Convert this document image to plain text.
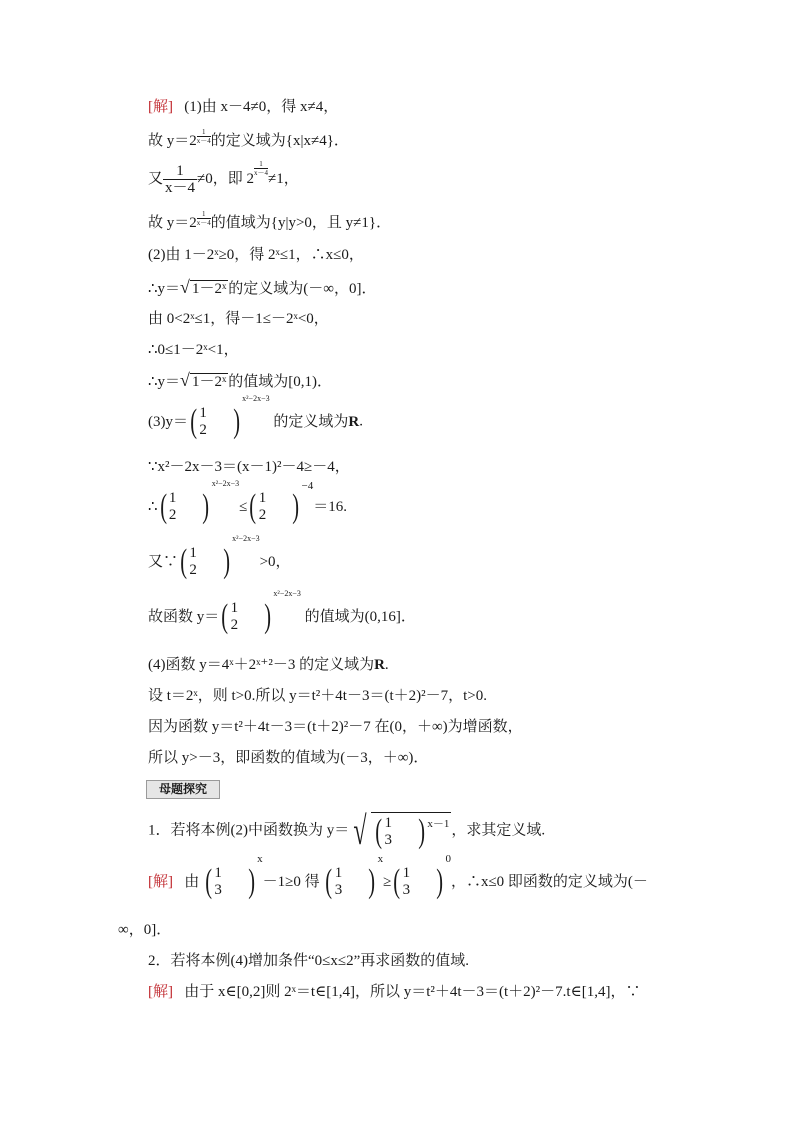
[解] (1)由 x－4≠0，得 x≠4，
故 $y=2 \frac{1}{x-4}$ 的定义域为{x|x≠4}．
又 $\frac{1}{x-4} \ne 0$，即 2
$\frac{1}{x-4}$
≠1，
故 $y=2 \frac{1}{x-4}$ 的值域为{y|y>0，且 y≠1}．
(2)由 1－2ˣ≥0，得 2ˣ≤1，∴x≤0，
∴y＝√ 1－2ˣ 的定义域为(－∞，0]．
由 0<2ˣ≤1，得－1≤－2ˣ<0，
∴0≤1－2ˣ<1，
∴y＝√ 1－2ˣ 的值域为[0,1)．
(3)y＝( 1
2 )$^{x^2-2x-3}$ 的定义域为R.
∵x²－2x－3＝(x－1)²－4≥－4，
∴( 1
2 )$^{x^2-2x-3}$≤( 1
2 )$^{-4}$＝16.
又∵( 1
2 )$^{x^2-2x-3}$>0，
故函数 y＝( 1
2 )$^{x^2-2x-3}$ 的值域为(0,16]．
(4)函数 y＝4ˣ＋2ˣ⁺²－3 的定义域为R.
设 t＝2ˣ，则 t>0.所以 y＝t²＋4t－3＝(t＋2)²－7，t>0.
因为函数 y＝t²＋4t－3＝(t＋2)²－7 在(0，＋∞)为增函数，
所以 y>－3，即函数的值域为(－3，＋∞)．
母题探究
1．若将本例(2)中函数换为 y＝ √ ( 1
3 ) $^{x-1}$ ，求其定义域.
[解] 由 ( 1
3 )$^x$－1≥0 得 ( 1
3 )$^x$≥( 1
3 )$^0$，∴x≤0 即函数的定义域为(－
∞，0]．
2．若将本例(4)增加条件“0≤x≤2”再求函数的值域.
[解] 由于 x∈[0,2]则 2ˣ＝t∈[1,4]，所以 y＝t²＋4t－3＝(t＋2)²－7.t∈[1,4]，∵
